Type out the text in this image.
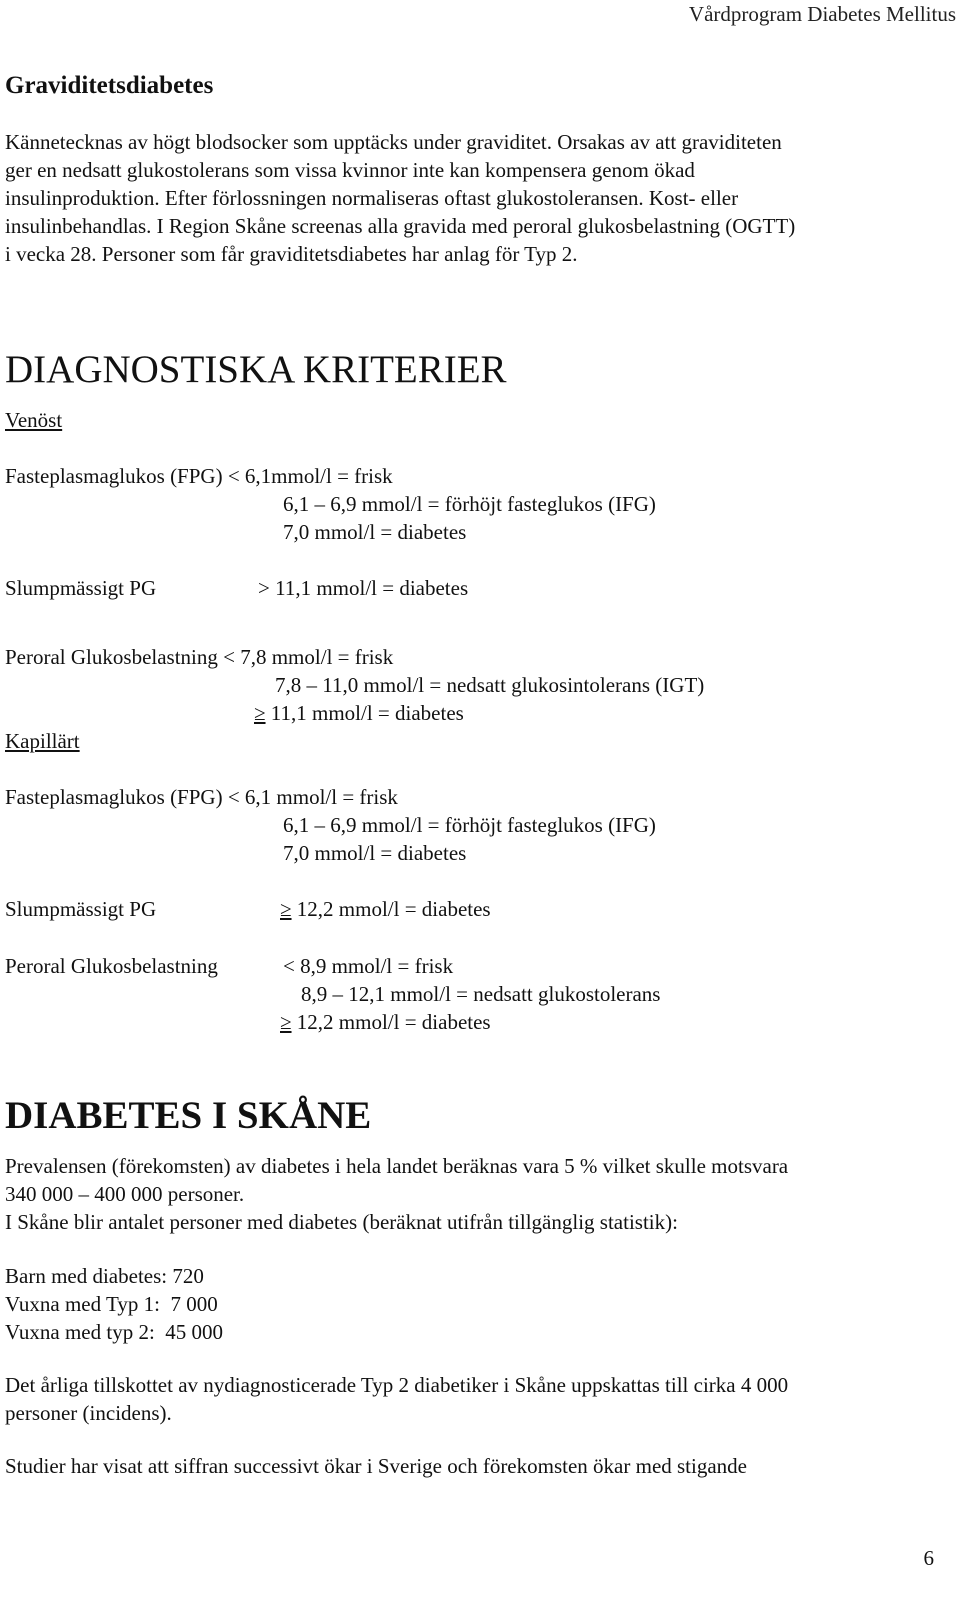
Vårdprogram Diabetes Mellitus
Graviditetsdiabetes
Kännetecknas av högt blodsocker som upptäcks under graviditet. Orsakas av att graviditeten
ger en nedsatt glukostolerans som vissa kvinnor inte kan kompensera genom ökad
insulinproduktion. Efter förlossningen normaliseras oftast glukostoleransen. Kost- eller
insulinbehandlas. I Region Skåne screenas alla gravida med peroral glukosbelastning (OGTT)
i vecka 28. Personer som får graviditetsdiabetes har anlag för Typ 2.
DIAGNOSTISKA KRITERIER
Venöst
Fasteplasmaglukos (FPG) < 6,1mmol/l = frisk
6,1 – 6,9 mmol/l = förhöjt fasteglukos (IFG)
7,0 mmol/l = diabetes
Slumpmässigt PG	> 11,1 mmol/l = diabetes
Peroral Glukosbelastning < 7,8 mmol/l = frisk
7,8 – 11,0 mmol/l = nedsatt glukosintolerans (IGT)
≥ 11,1 mmol/l = diabetes
Kapillärt
Fasteplasmaglukos (FPG) < 6,1 mmol/l = frisk
6,1 – 6,9 mmol/l = förhöjt fasteglukos (IFG)
7,0 mmol/l = diabetes
Slumpmässigt PG	≥ 12,2 mmol/l = diabetes
Peroral Glukosbelastning	< 8,9 mmol/l = frisk
8,9 – 12,1 mmol/l = nedsatt glukostolerans
≥ 12,2 mmol/l = diabetes
DIABETES I SKÅNE
Prevalensen (förekomsten) av diabetes i hela landet beräknas vara 5 % vilket skulle motsvara
340 000 – 400 000 personer.
I Skåne blir antalet personer med diabetes (beräknat utifrån tillgänglig statistik):
Barn med diabetes: 720
Vuxna med Typ 1:  7 000
Vuxna med typ 2:  45 000
Det årliga tillskottet av nydiagnosticerade Typ 2 diabetiker i Skåne uppskattas till cirka 4 000
personer (incidens).
Studier har visat att siffran successivt ökar i Sverige och förekomsten ökar med stigande
6
